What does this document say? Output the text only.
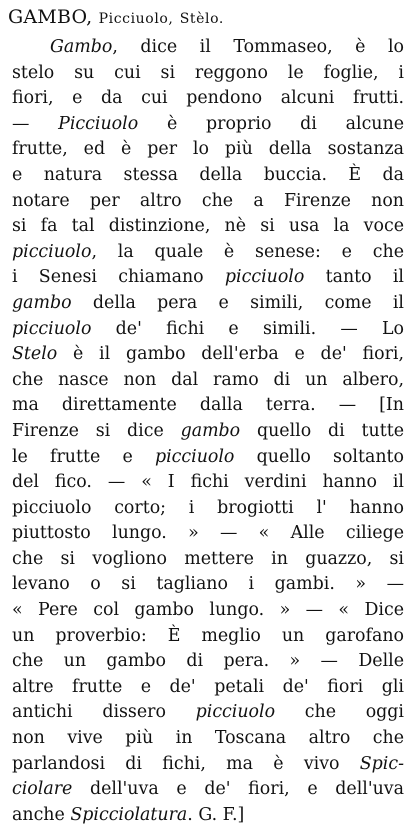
GAMBO, Picciuolo, Stèlo.
Gambo, dice il Tommaseo, è lo
stelo su cui si reggono le foglie, i
fiori, e da cui pendono alcuni frutti.
— Picciuolo è proprio di alcune
frutte, ed è per lo più della sostanza
e natura stessa della buccia. È da
notare per altro che a Firenze non
si fa tal distinzione, nè si usa la voce
picciuolo, la quale è senese: e che
i Senesi chiamano picciuolo tanto il
gambo della pera e simili, come il
picciuolo de' fichi e simili. — Lo
Stelo è il gambo dell'erba e de' fiori,
che nasce non dal ramo di un albero,
ma direttamente dalla terra. — [In
Firenze si dice gambo quello di tutte
le frutte e picciuolo quello soltanto
del fico. — « I fichi verdini hanno il
picciuolo corto; i brogiotti l' hanno
piuttosto lungo. » — « Alle ciliege
che si vogliono mettere in guazzo, si
levano o si tagliano i gambi. » —
« Pere col gambo lungo. » — « Dice
un proverbio: È meglio un garofano
che un gambo di pera. » — Delle
altre frutte e de' petali de' fiori gli
antichi dissero picciuolo che oggi
non vive più in Toscana altro che
parlandosi di fichi, ma è vivo Spic-
ciolare dell'uva e de' fiori, e dell'uva
anche Spicciolatura. G. F.]
